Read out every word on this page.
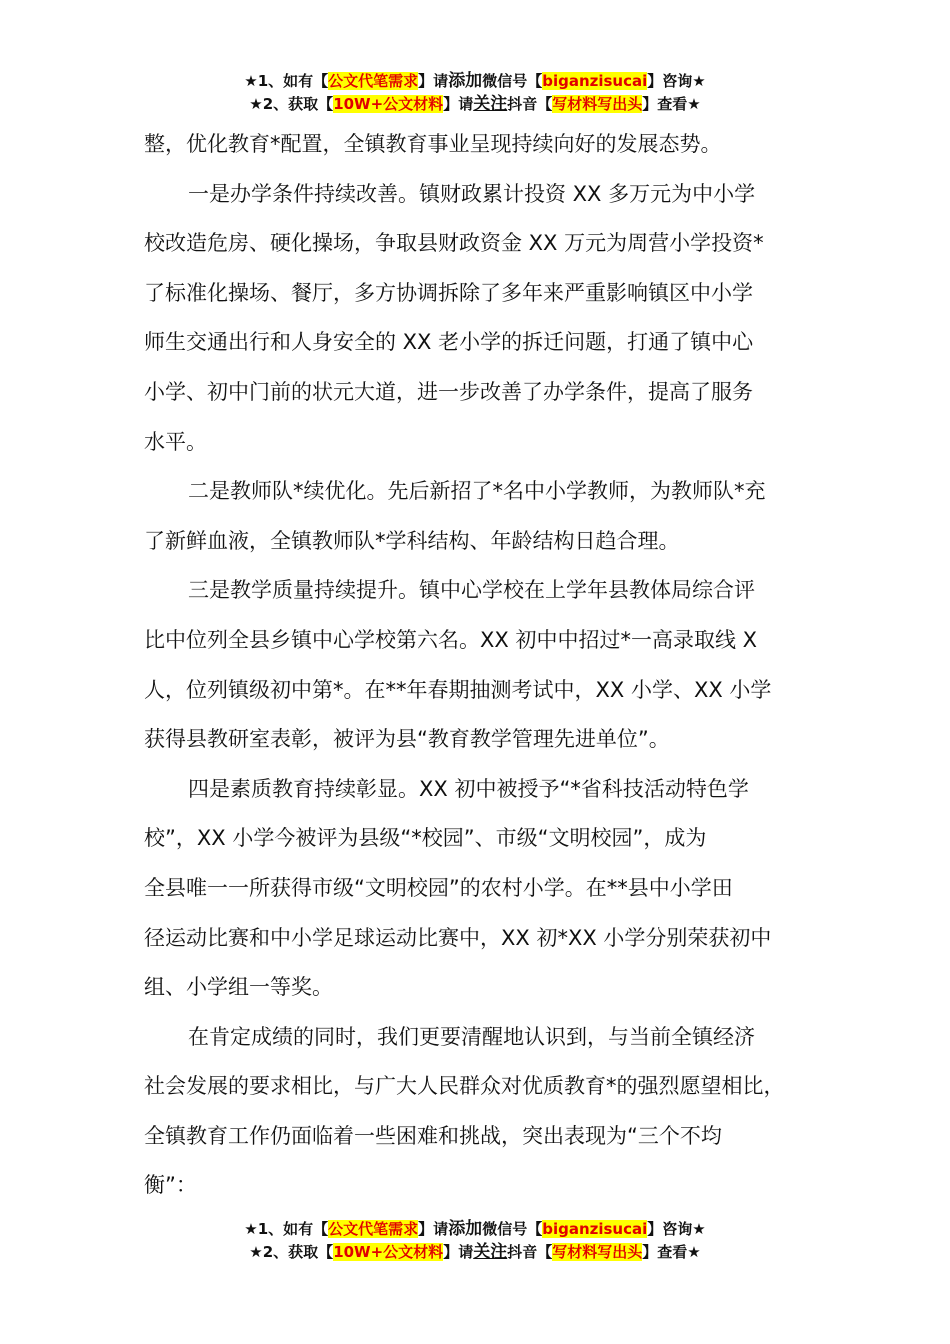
★1、如有【公文代笔需求】请添加微信号【biganzisucai】咨询★
★2、获取【10W+公文材料】请关注抖音【写材料写出头】查看★

整，优化教育*配置，全镇教育事业呈现持续向好的发展态势。

一是办学条件持续改善。镇财政累计投资 XX 多万元为中小学

校改造危房、硬化操场，争取县财政资金 XX 万元为周营小学投资*

了标准化操场、餐厅，多方协调拆除了多年来严重影响镇区中小学

师生交通出行和人身安全的 XX 老小学的拆迁问题，打通了镇中心

小学、初中门前的状元大道，进一步改善了办学条件，提高了服务

水平。

二是教师队*续优化。先后新招了*名中小学教师，为教师队*充

了新鲜血液，全镇教师队*学科结构、年龄结构日趋合理。

三是教学质量持续提升。镇中心学校在上学年县教体局综合评

比中位列全县乡镇中心学校第六名。XX 初中中招过*一高录取线 X

人，位列镇级初中第*。在**年春期抽测考试中，XX 小学、XX 小学

获得县教研室表彰，被评为县“教育教学管理先进单位”。

四是素质教育持续彰显。XX 初中被授予“*省科技活动特色学

校”，XX 小学今被评为县级“*校园”、市级“文明校园”，成为

全县唯一一所获得市级“文明校园”的农村小学。在**县中小学田

径运动比赛和中小学足球运动比赛中，XX 初*XX 小学分别荣获初中

组、小学组一等奖。

在肯定成绩的同时，我们更要清醒地认识到，与当前全镇经济

社会发展的要求相比，与广大人民群众对优质教育*的强烈愿望相比，

全镇教育工作仍面临着一些困难和挑战，突出表现为“三个不均

衡”：

★1、如有【公文代笔需求】请添加微信号【biganzisucai】咨询★
★2、获取【10W+公文材料】请关注抖音【写材料写出头】查看★
